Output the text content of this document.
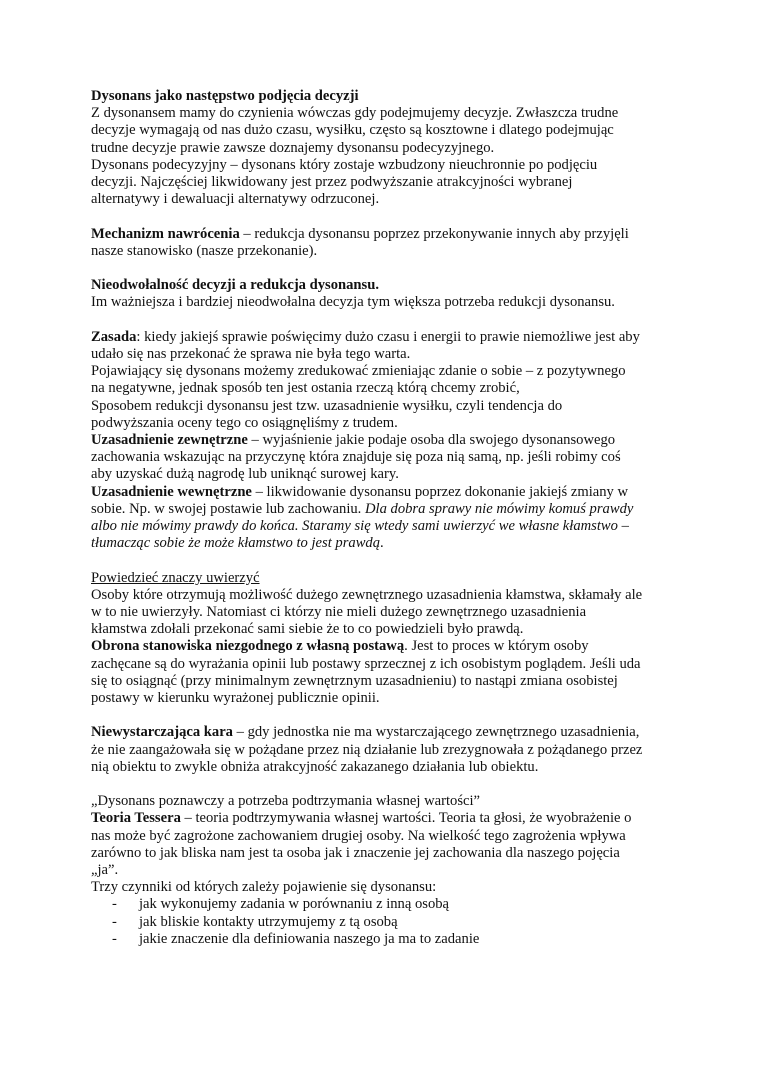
Dysonans jako następstwo podjęcia decyzji
Z dysonansem mamy do czynienia wówczas gdy podejmujemy decyzje. Zwłaszcza trudne
decyzje wymagają od nas dużo czasu, wysiłku, często są kosztowne i dlatego podejmując
trudne decyzje prawie zawsze doznajemy dysonansu podecyzyjnego.
Dysonans podecyzyjny – dysonans który zostaje wzbudzony nieuchronnie po podjęciu
decyzji. Najczęściej likwidowany jest przez podwyższanie atrakcyjności wybranej
alternatywy i dewaluacji alternatywy odrzuconej.
Mechanizm nawrócenia – redukcja dysonansu poprzez przekonywanie innych aby przyjęli
nasze stanowisko (nasze przekonanie).
Nieodwołalność decyzji a redukcja dysonansu.
Im ważniejsza i bardziej nieodwołalna decyzja tym większa potrzeba redukcji dysonansu.
Zasada: kiedy jakiejś sprawie poświęcimy dużo czasu i energii to prawie niemożliwe jest aby
udało się nas przekonać że sprawa nie była tego warta.
Pojawiający się dysonans możemy zredukować zmieniając zdanie o sobie – z pozytywnego
na negatywne, jednak sposób ten jest ostania rzeczą którą chcemy zrobić,
Sposobem redukcji dysonansu jest tzw. uzasadnienie wysiłku, czyli tendencja do
podwyższania oceny tego co osiągnęliśmy z trudem.
Uzasadnienie zewnętrzne – wyjaśnienie jakie podaje osoba dla swojego dysonansowego
zachowania wskazując na przyczynę która znajduje się poza nią samą, np. jeśli robimy coś
aby uzyskać dużą nagrodę lub uniknąć surowej kary.
Uzasadnienie wewnętrzne – likwidowanie dysonansu poprzez dokonanie jakiejś zmiany w
sobie. Np. w swojej postawie lub zachowaniu. Dla dobra sprawy nie mówimy komuś prawdy
albo nie mówimy prawdy do końca. Staramy się wtedy sami uwierzyć we własne kłamstwo –
tłumacząc sobie że może kłamstwo to jest prawdą.
Powiedzieć znaczy uwierzyć
Osoby które otrzymują możliwość dużego zewnętrznego uzasadnienia kłamstwa, skłamały ale
w to nie uwierzyły. Natomiast ci którzy nie mieli dużego zewnętrznego uzasadnienia
kłamstwa zdołali przekonać sami siebie że to co powiedzieli było prawdą.
Obrona stanowiska niezgodnego z własną postawą. Jest to proces w którym osoby
zachęcane są do wyrażania opinii lub postawy sprzecznej z ich osobistym poglądem. Jeśli uda
się to osiągnąć (przy minimalnym zewnętrznym uzasadnieniu) to nastąpi zmiana osobistej
postawy w kierunku wyrażonej publicznie opinii.
Niewystarczająca kara – gdy jednostka nie ma wystarczającego zewnętrznego uzasadnienia,
że nie zaangażowała się w pożądane przez nią działanie lub zrezygnowała z pożądanego przez
nią obiektu to zwykle obniża atrakcyjność zakazanego działania lub obiektu.
„Dysonans poznawczy a potrzeba podtrzymania własnej wartości”
Teoria Tessera – teoria podtrzymywania własnej wartości. Teoria ta głosi, że wyobrażenie o
nas może być zagrożone zachowaniem drugiej osoby. Na wielkość tego zagrożenia wpływa
zarówno to jak bliska nam jest ta osoba jak i znaczenie jej zachowania dla naszego pojęcia
„ja”.
Trzy czynniki od których zależy pojawienie się dysonansu:
- jak wykonujemy zadania w porównaniu z inną osobą
- jak bliskie kontakty utrzymujemy z tą osobą
- jakie znaczenie dla definiowania naszego ja ma to zadanie
